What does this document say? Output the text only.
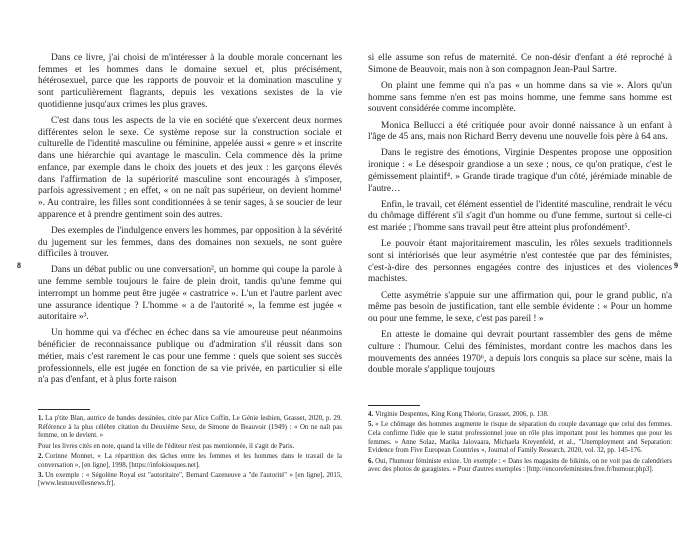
8	9

Dans ce livre, j'ai choisi de m'intéresser à la double morale concernant les femmes et les hommes dans le domaine sexuel et, plus précisément, hétérosexuel, parce que les rapports de pouvoir et la domination masculine y sont particulièrement flagrants, depuis les vexations sexistes de la vie quotidienne jusqu'aux crimes les plus graves.

C'est dans tous les aspects de la vie en société que s'exercent deux normes différentes selon le sexe. Ce système repose sur la construction sociale et culturelle de l'identité masculine ou féminine, appelée aussi « genre » et inscrite dans une hiérarchie qui avantage le masculin. Cela commence dès la prime enfance, par exemple dans le choix des jouets et des jeux : les garçons élevés dans l'affirmation de la supériorité masculine sont encouragés à s'imposer, parfois agressivement ; en effet, « on ne naît pas supérieur, on devient homme¹ ». Au contraire, les filles sont conditionnées à se tenir sages, à se soucier de leur apparence et à prendre gentiment soin des autres.

Des exemples de l'indulgence envers les hommes, par opposition à la sévérité du jugement sur les femmes, dans des domaines non sexuels, ne sont guère difficiles à trouver.

Dans un débat public ou une conversation², un homme qui coupe la parole à une femme semble toujours le faire de plein droit, tandis qu'une femme qui interrompt un homme peut être jugée « castratrice ». L'un et l'autre parlent avec une assurance identique ? L'homme « a de l'autorité », la femme est jugée « autoritaire »³.

Un homme qui va d'échec en échec dans sa vie amoureuse peut néanmoins bénéficier de reconnaissance publique ou d'admiration s'il réussit dans son métier, mais c'est rarement le cas pour une femme : quels que soient ses succès professionnels, elle est jugée en fonction de sa vie privée, en particulier si elle n'a pas d'enfant, et à plus forte raison

1. La p'tite Blan, autrice de bandes dessinées, citée par Alice Coffin, Le Génie lesbien, Grasset, 2020, p. 29. Référence à la plus célèbre citation du Deuxième Sexe, de Simone de Beauvoir (1949) : « On ne naît pas femme, on le devient. »
Pour les livres cités en note, quand la ville de l'éditeur n'est pas mentionnée, il s'agit de Paris.
2. Corinne Monnet, « La répartition des tâches entre les femmes et les hommes dans le travail de la conversation », [en ligne], 1998, [https://infokiosques.net].
3. Un exemple : « Ségolène Royal est "autoritaire", Bernard Cazeneuve a "de l'autorité" » [en ligne], 2015, [www.lesnouvellesnews.fr].

si elle assume son refus de maternité. Ce non-désir d'enfant a été reproché à Simone de Beauvoir, mais non à son compagnon Jean-Paul Sartre.

On plaint une femme qui n'a pas « un homme dans sa vie ». Alors qu'un homme sans femme n'en est pas moins homme, une femme sans homme est souvent considérée comme incomplète.

Monica Bellucci a été critiquée pour avoir donné naissance à un enfant à l'âge de 45 ans, mais non Richard Berry devenu une nouvelle fois père à 64 ans.

Dans le registre des émotions, Virginie Despentes propose une opposition ironique : « Le désespoir grandiose a un sexe ; nous, ce qu'on pratique, c'est le gémissement plaintif⁴. » Grande tirade tragique d'un côté, jérémiade minable de l'autre…

Enfin, le travail, cet élément essentiel de l'identité masculine, rendrait le vécu du chômage différent s'il s'agit d'un homme ou d'une femme, surtout si celle-ci est mariée ; l'homme sans travail peut être atteint plus profondément⁵.

Le pouvoir étant majoritairement masculin, les rôles sexuels traditionnels sont si intériorisés que leur asymétrie n'est contestée que par des féministes, c'est-à-dire des personnes engagées contre des injustices et des violences machistes.

Cette asymétrie s'appuie sur une affirmation qui, pour le grand public, n'a même pas besoin de justification, tant elle semble évidente : « Pour un homme ou pour une femme, le sexe, c'est pas pareil ! »

En atteste le domaine qui devrait pourtant rassembler des gens de même culture : l'humour. Celui des féministes, mordant contre les machos dans les mouvements des années 1970⁶, a depuis lors conquis sa place sur scène, mais la double morale s'applique toujours

4. Virginie Despentes, King Kong Théorie, Grasset, 2006, p. 138.
5. « Le chômage des hommes augmente le risque de séparation du couple davantage que celui des femmes. Cela confirme l'idée que le statut professionnel joue un rôle plus important pour les hommes que pour les femmes. » Anne Solaz, Marika Jalovaara, Michaela Kreyenfeld, et al., "Unemployment and Separation: Evidence from Five European Countries », Journal of Family Research, 2020, vol. 32, pp. 145-176.
6. Oui, l'humour féministe existe. Un exemple : « Dans les magasins de bikinis, on ne voit pas de calendriers avec des photos de garagistes. » Pour d'autres exemples : [http://encorefeministes.free.fr/humour.php3].
